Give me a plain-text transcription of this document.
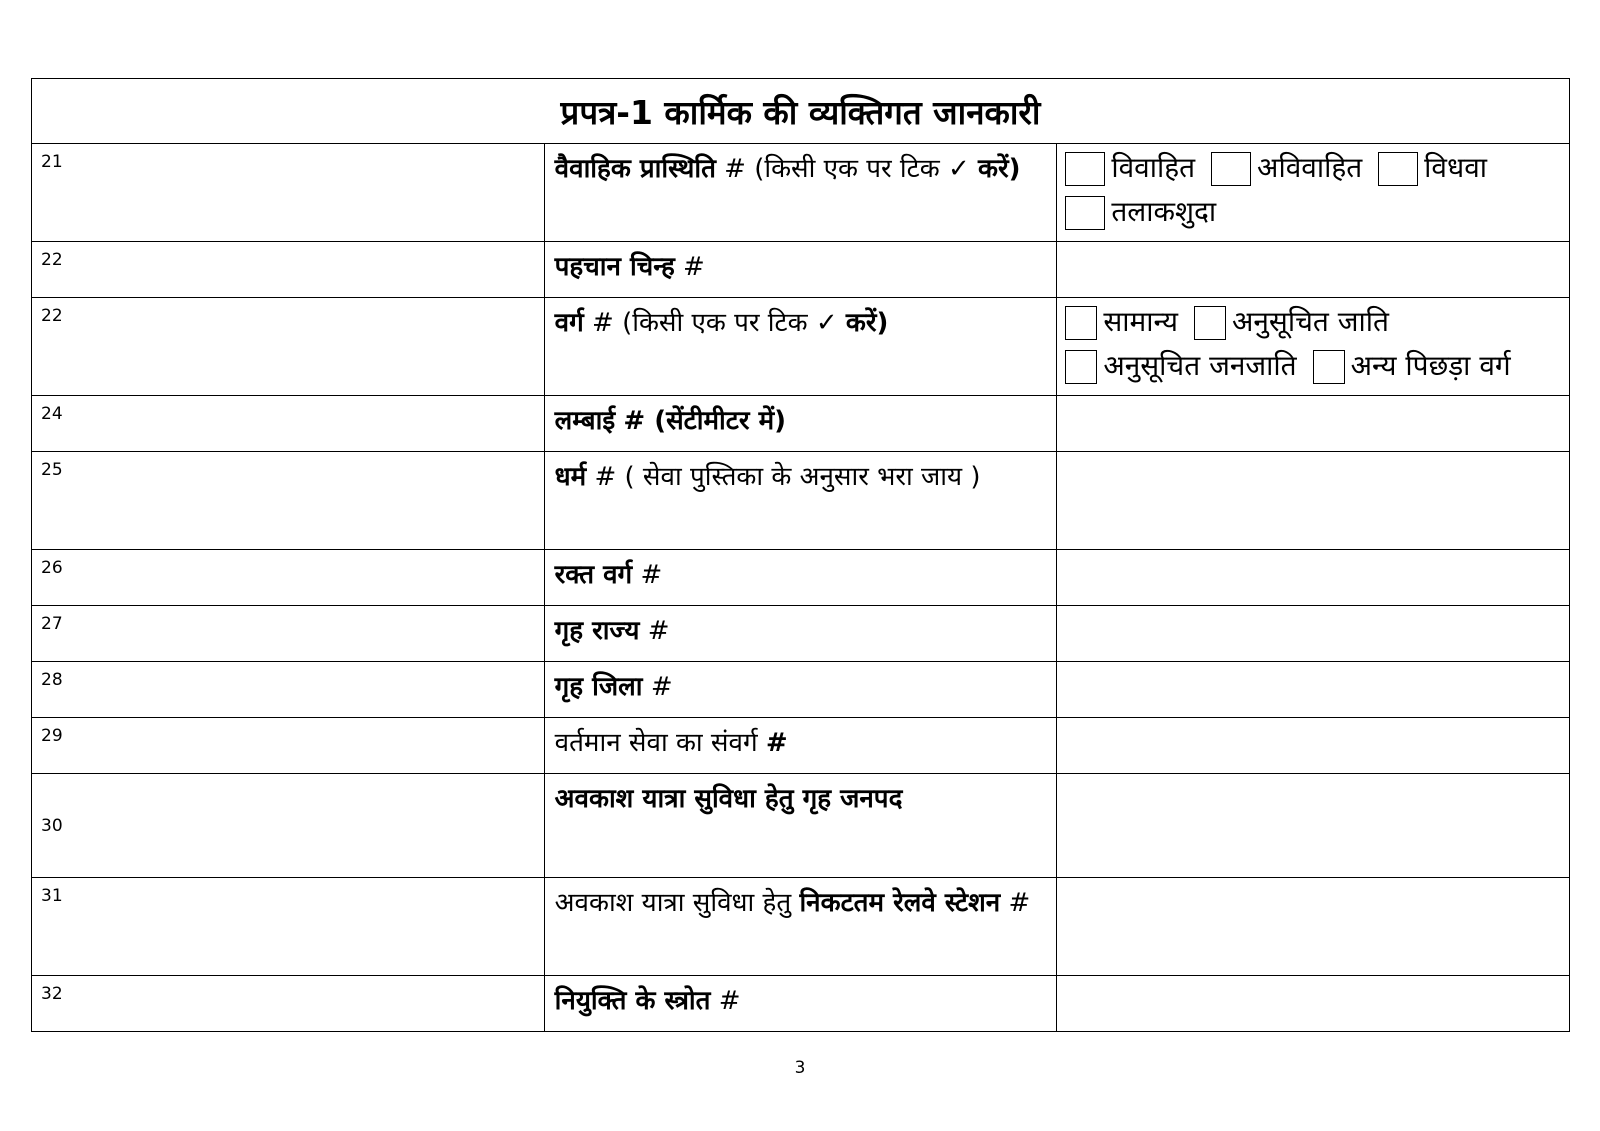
प्रपत्र-1 कार्मिक की व्यक्तिगत जानकारी		
21	वैवाहिक प्रास्थिति # (किसी एक पर टिक ✓ करें)	विवाहित अविवाहित विधवातलाकशुदा
22	पहचान चिन्ह #	
22	वर्ग # (किसी एक पर टिक ✓ करें)	सामान्य अनुसूचित जातिअनुसूचित जनजाति अन्य पिछड़ा वर्ग
24	लम्बाई # (सेंटीमीटर में)	
25	धर्म # ( सेवा पुस्तिका के अनुसार भरा जाय )	
26	रक्त वर्ग #	
27	गृह राज्य #	
28	गृह जिला #	
29	वर्तमान सेवा का संवर्ग #	
30	अवकाश यात्रा सुविधा हेतु गृह जनपद	
31	अवकाश यात्रा सुविधा हेतु निकटतम रेलवे स्टेशन #	
32	नियुक्ति के स्त्रोत #	
3
